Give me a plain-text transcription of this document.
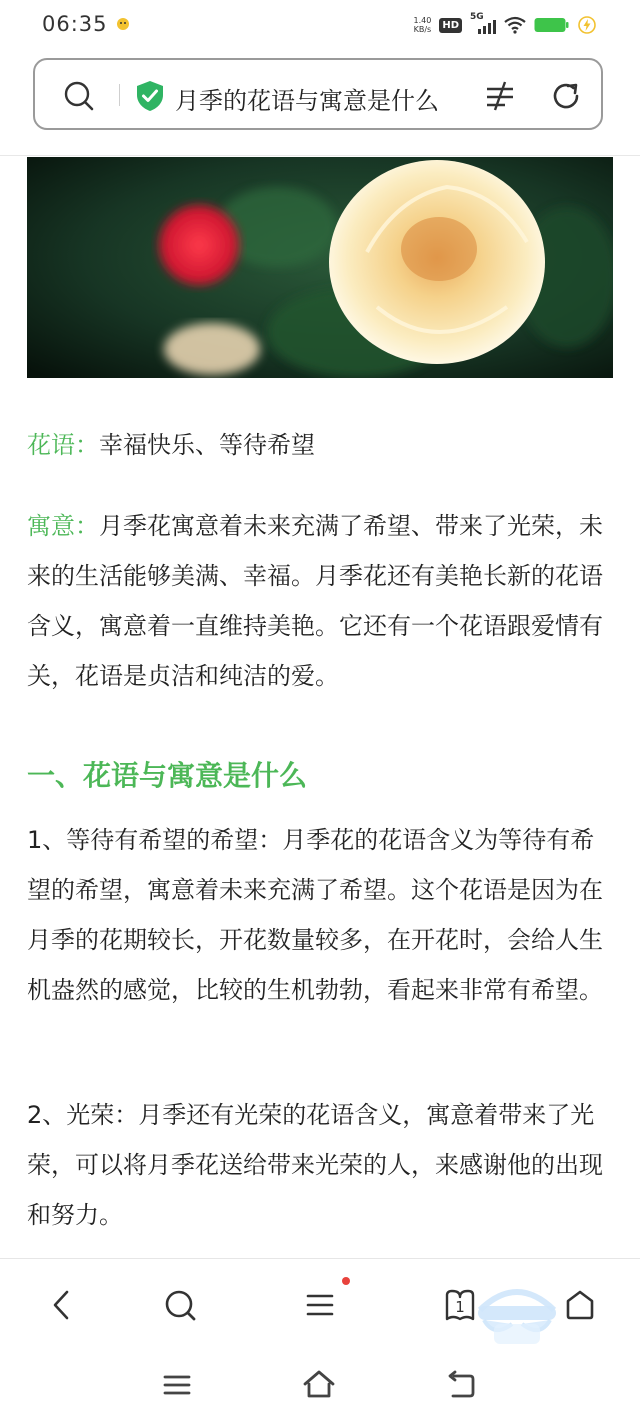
06:35	1.40
KB/s	HD
5G
月季的花语与寓意是什么

花语：幸福快乐、等待希望

寓意：月季花寓意着未来充满了希望、带来了光荣，未来的生活能够美满、幸福。月季花还有美艳长新的花语含义，寓意着一直维持美艳。它还有一个花语跟爱情有关，花语是贞洁和纯洁的爱。

1、等待有希望的希望：月季花的花语含义为等待有希望的希望，寓意着未来充满了希望。这个花语是因为在月季的花期较长，开花数量较多，在开花时，会给人生机盎然的感觉，比较的生机勃勃，看起来非常有希望。

2、光荣：月季还有光荣的花语含义，寓意着带来了光荣，可以将月季花送给带来光荣的人，来感谢他的出现和努力。

一、花语与寓意是什么
1
